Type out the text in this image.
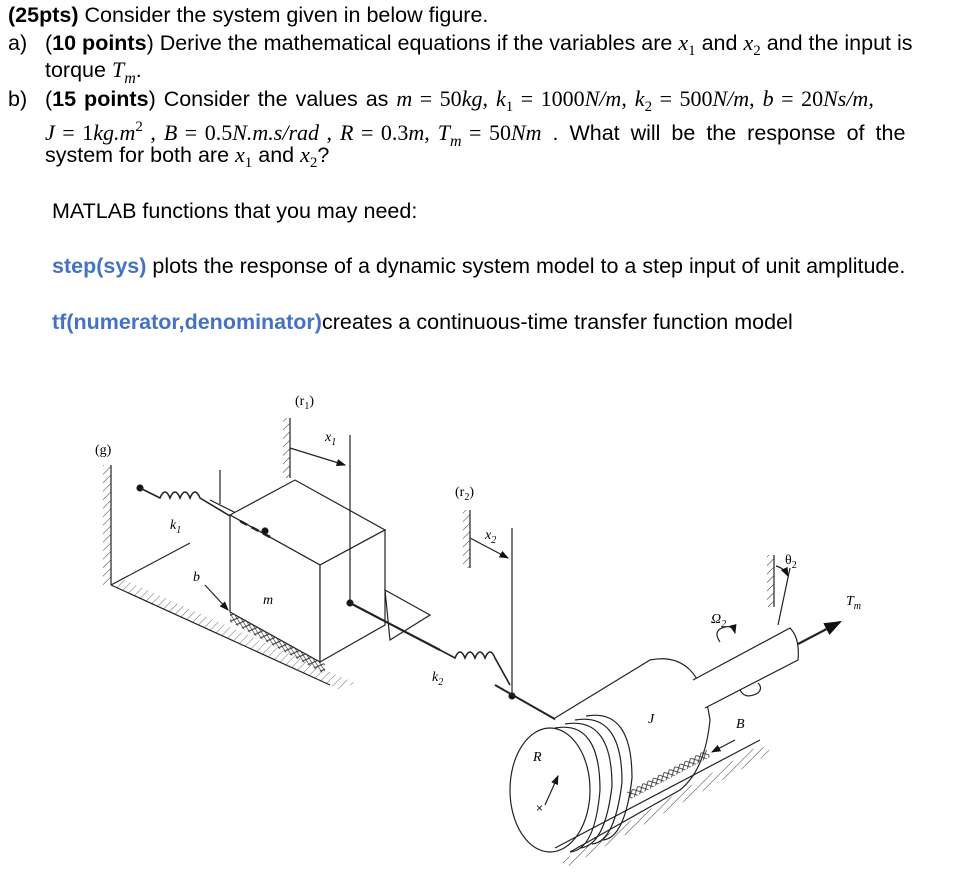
(25pts) Consider the system given in below figure.
a) (10 points) Derive the mathematical equations if the variables are $x_1$ and $x_2$ and the input is
torque $T_m$.
b) (15 points) Consider the values as m = 50kg, $k_1 = 1000N/m$, $k_2 = 500N/m$, b = 20Ns/m,
$J = 1kg.m^2$ , B = 0.5N.m.s/rad , R = 0.3m, $T_m = 50Nm$ . What will be the response of the
system for both are $x_1$ and $x_2$?
MATLAB functions that you may need:
step(sys) plots the response of a dynamic system model to a step input of unit amplitude.
tf(numerator,denominator)creates a continuous-time transfer function model
×
(g)
$(r_1)$
$x_1$
$k_1$
b
m
$(r_2)$
$x_2$
$k_2$
R
J	B
$\Omega_2$
$\theta_2$
$T_m$
